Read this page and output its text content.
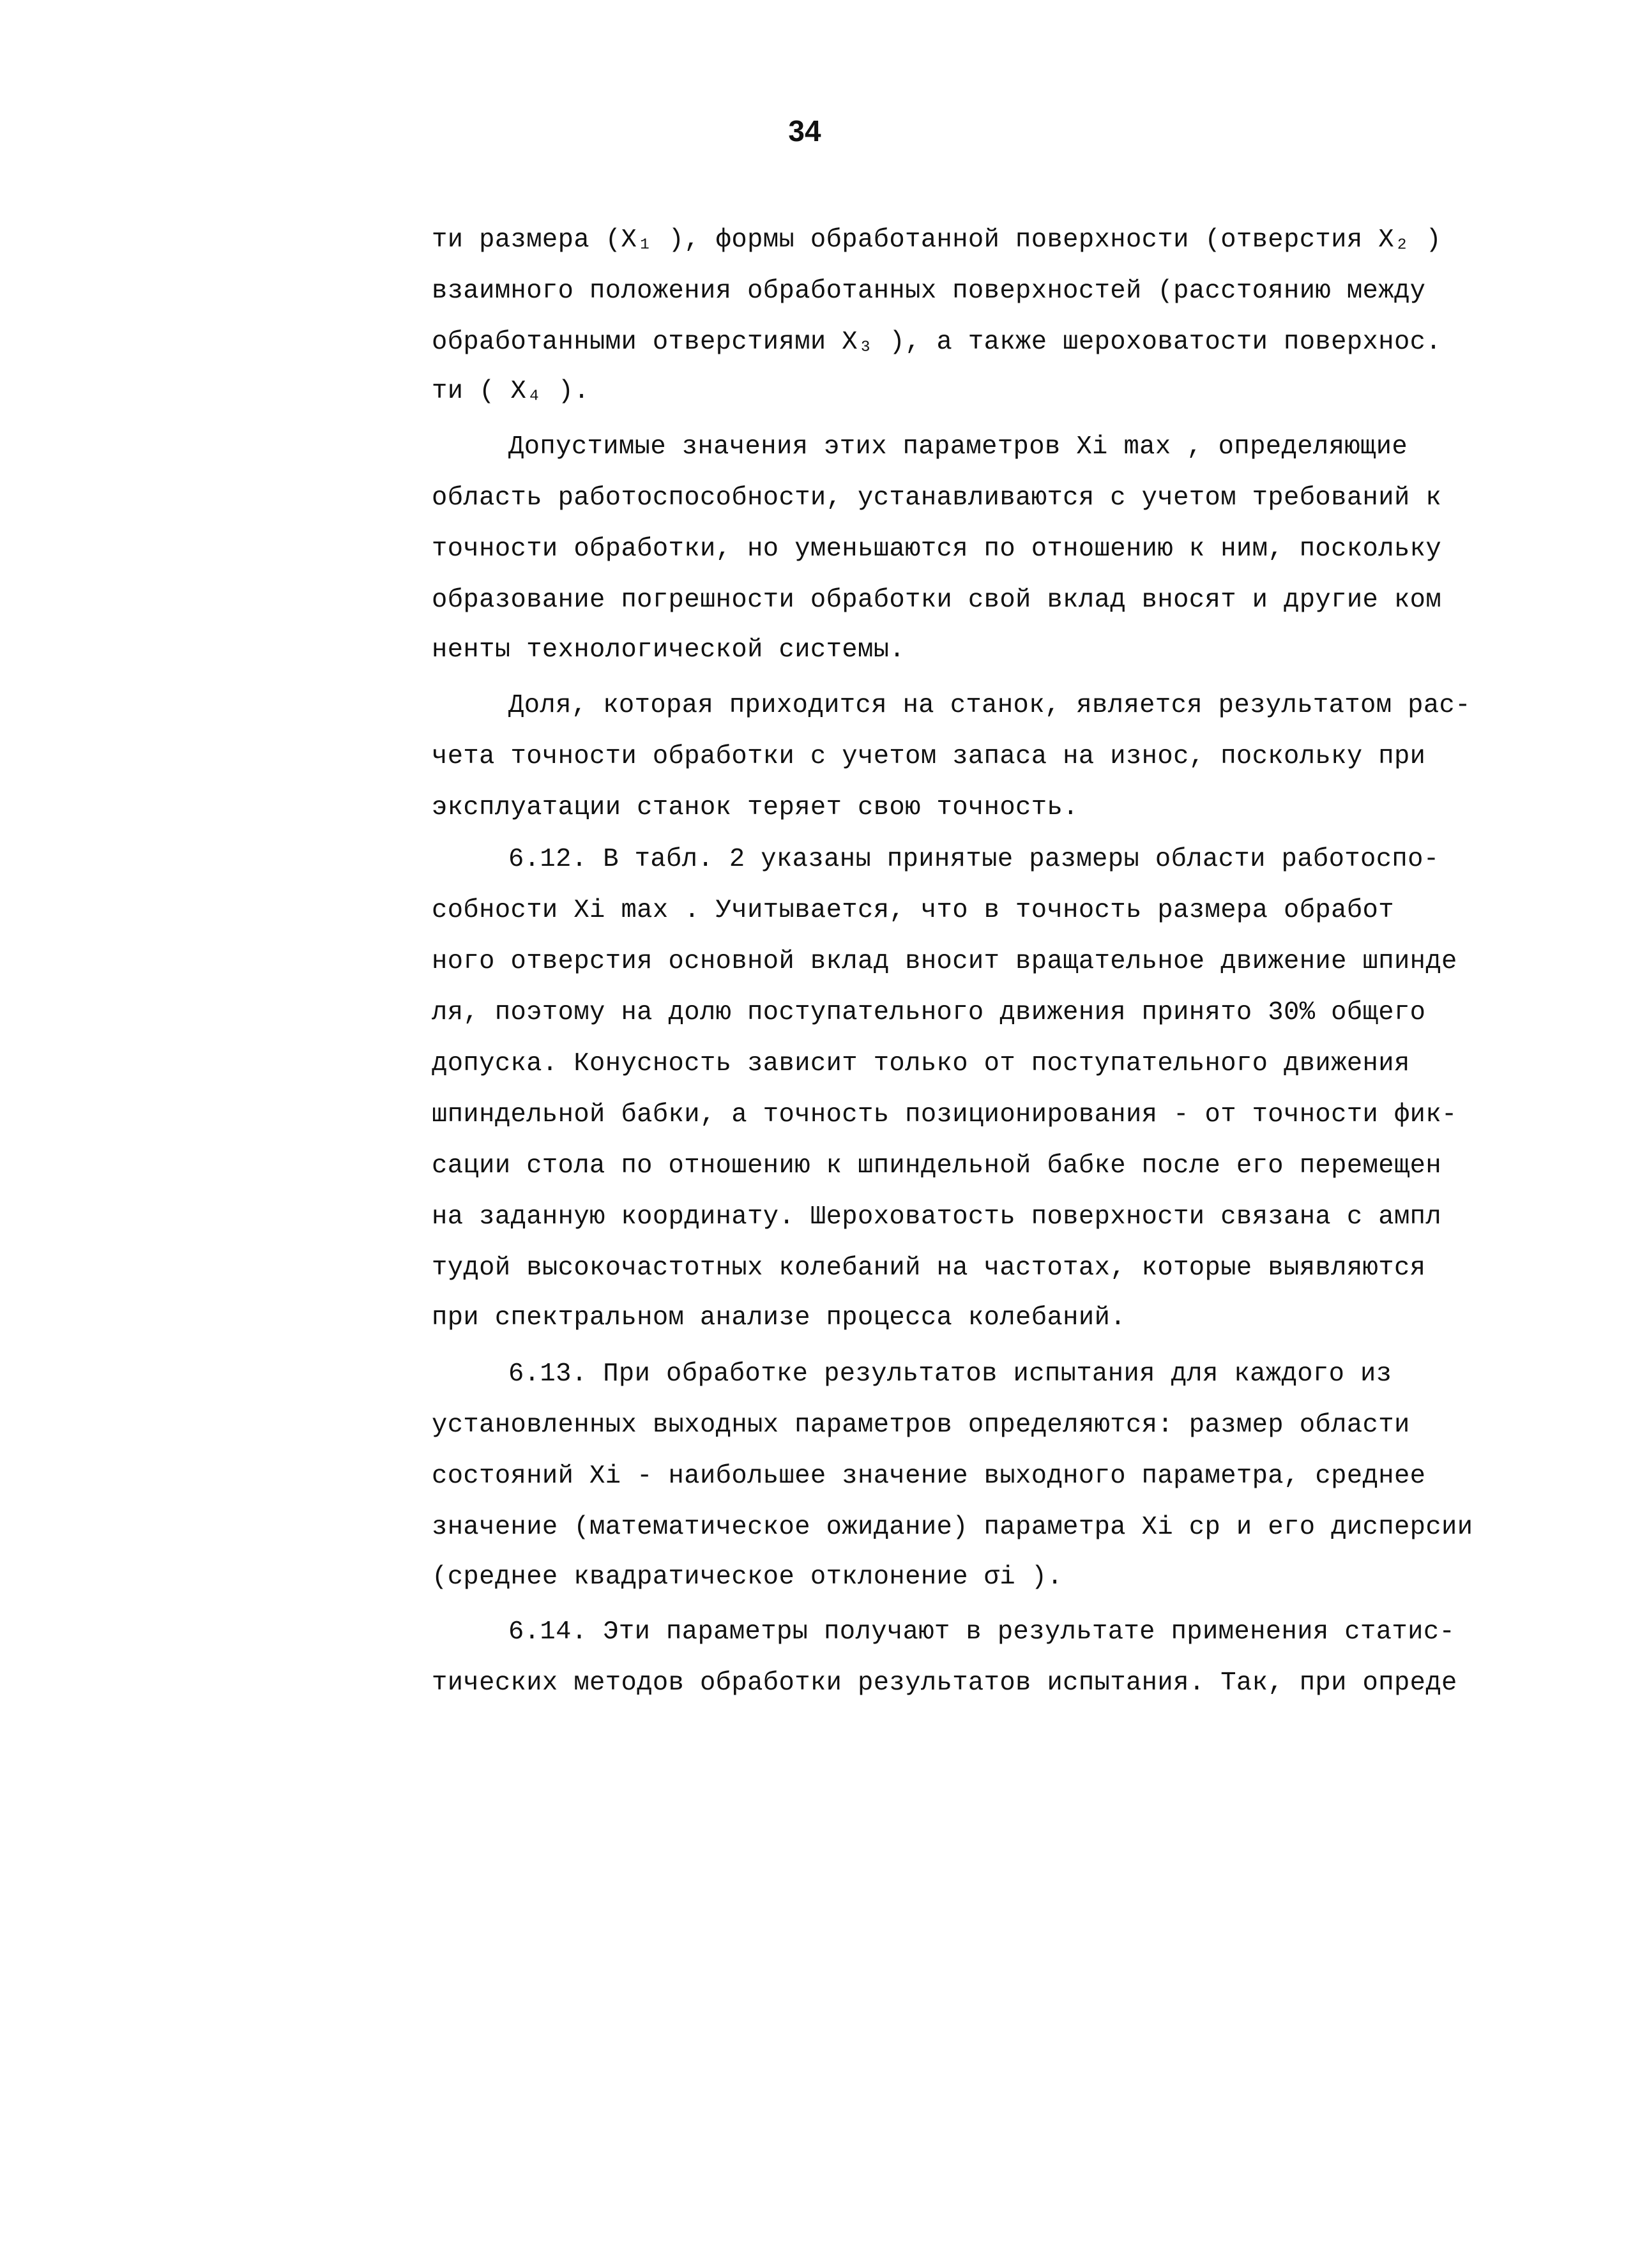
34
ти размера (X₁ ), формы обработанной поверхности (отверстия X₂ )
взаимного положения обработанных поверхностей (расстоянию между
обработанными отверстиями X₃ ), а также шероховатости поверхнос.
ти ( X₄ ).
Допустимые значения этих параметров Xi max , определяющие
область работоспособности, устанавливаются с учетом требований к
точности обработки, но уменьшаются по отношению к ним, поскольку
образование погрешности обработки свой вклад вносят и другие ком
ненты технологической системы.
Доля, которая приходится на станок, является результатом рас-
чета точности обработки с учетом запаса на износ, поскольку при
эксплуатации станок теряет свою точность.
6.12. В табл. 2 указаны принятые размеры области работоспо-
собности Xi max . Учитывается, что в точность размера обработ
ного отверстия основной вклад вносит вращательное движение шпинде
ля, поэтому на долю поступательного движения принято 30% общего
допуска. Конусность зависит только от поступательного движения
шпиндельной бабки, а точность позиционирования - от точности фик-
сации стола по отношению к шпиндельной бабке после его перемещен
на заданную координату. Шероховатость поверхности связана с ампл
тудой высокочастотных колебаний на частотах, которые выявляются
при спектральном анализе процесса колебаний.
6.13. При обработке результатов испытания для каждого из
установленных выходных параметров определяются: размер области
состояний Xi - наибольшее значение выходного параметра, среднее
значение (математическое ожидание) параметра Xi ср и его дисперсии
(среднее квадратическое отклонение σi ).
6.14. Эти параметры получают в результате применения статис-
тических методов обработки результатов испытания. Так, при опреде
